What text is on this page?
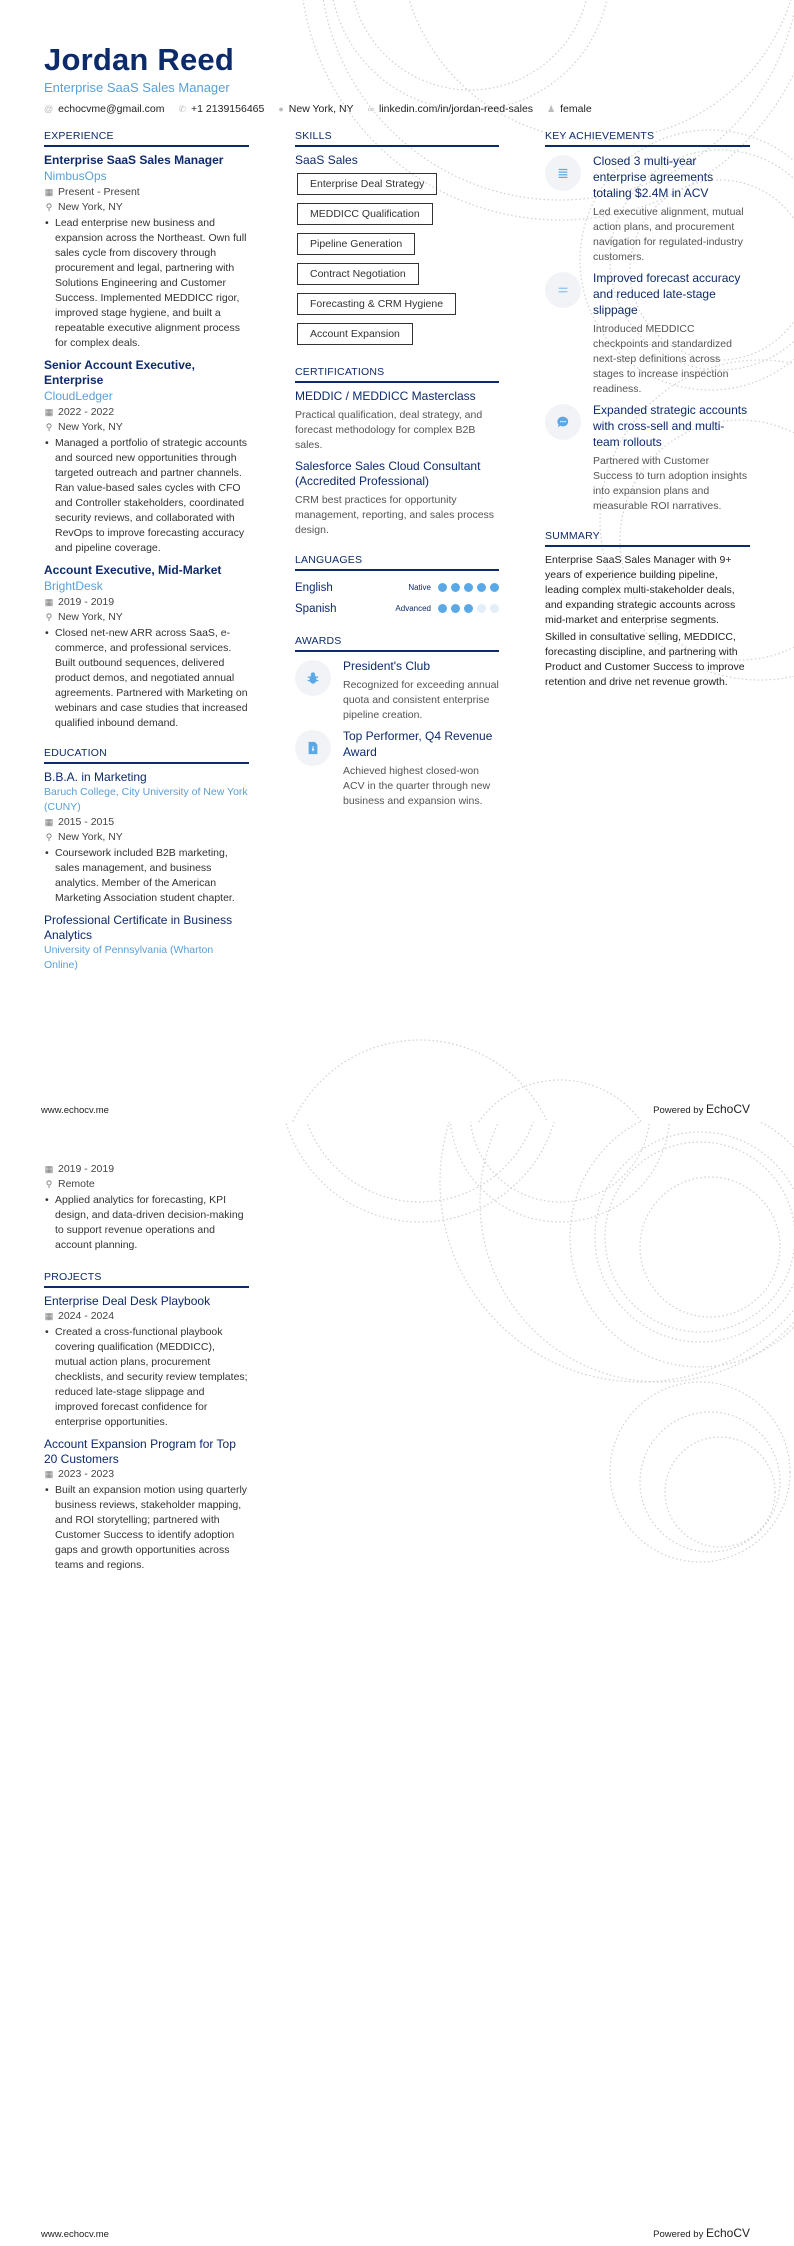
Jordan Reed
Enterprise SaaS Sales Manager
@ echocvme@gmail.com ✆ +1 2139156465 ● New York, NY ∞ linkedin.com/in/jordan-reed-sales ♟ female
EXPERIENCE
Enterprise SaaS Sales Manager
NimbusOps
▦ Present - Present
⚲ New York, NY
• Lead enterprise new business and expansion across the Northeast. Own full sales cycle from discovery through procurement and legal, partnering with Solutions Engineering and Customer Success. Implemented MEDDICC rigor, improved stage hygiene, and built a repeatable executive alignment process for complex deals.
Senior Account Executive, Enterprise
CloudLedger
▦ 2022 - 2022
⚲ New York, NY
• Managed a portfolio of strategic accounts and sourced new opportunities through targeted outreach and partner channels. Ran value-based sales cycles with CFO and Controller stakeholders, coordinated security reviews, and collaborated with RevOps to improve forecasting accuracy and pipeline coverage.
Account Executive, Mid-Market
BrightDesk
▦ 2019 - 2019
⚲ New York, NY
• Closed net-new ARR across SaaS, e-commerce, and professional services. Built outbound sequences, delivered product demos, and negotiated annual agreements. Partnered with Marketing on webinars and case studies that increased qualified inbound demand.
EDUCATION
B.B.A. in Marketing
Baruch College, City University of New York (CUNY)
▦ 2015 - 2015
⚲ New York, NY
• Coursework included B2B marketing, sales management, and business analytics. Member of the American Marketing Association student chapter.
Professional Certificate in Business Analytics
University of Pennsylvania (Wharton Online)
SKILLS
SaaS Sales
Enterprise Deal Strategy
MEDDICC Qualification
Pipeline Generation
Contract Negotiation
Forecasting & CRM Hygiene
Account Expansion
CERTIFICATIONS
MEDDIC / MEDDICC Masterclass
Practical qualification, deal strategy, and forecast methodology for complex B2B sales.
Salesforce Sales Cloud Consultant (Accredited Professional)
CRM best practices for opportunity management, reporting, and sales process design.
LANGUAGES
English	Native
Spanish	Advanced
AWARDS
President's Club
Recognized for exceeding annual quota and consistent enterprise pipeline creation.
Top Performer, Q4 Revenue Award
Achieved highest closed-won ACV in the quarter through new business and expansion wins.
KEY ACHIEVEMENTS
Closed 3 multi-year enterprise agreements totaling $2.4M in ACV
Led executive alignment, mutual action plans, and procurement navigation for regulated-industry customers.
Improved forecast accuracy and reduced late-stage slippage
Introduced MEDDICC checkpoints and standardized next-step definitions across stages to increase inspection readiness.
Expanded strategic accounts with cross-sell and multi-team rollouts
Partnered with Customer Success to turn adoption insights into expansion plans and measurable ROI narratives.
SUMMARY

Enterprise SaaS Sales Manager with 9+ years of experience building pipeline, leading complex multi-stakeholder deals, and expanding strategic accounts across mid-market and enterprise segments.

Skilled in consultative selling, MEDDICC, forecasting discipline, and partnering with Product and Customer Success to improve retention and drive net revenue growth.

www.echocv.me	Powered by EchoCV
▦ 2019 - 2019
⚲ Remote
• Applied analytics for forecasting, KPI design, and data-driven decision-making to support revenue operations and account planning.
PROJECTS
Enterprise Deal Desk Playbook
▦ 2024 - 2024
• Created a cross-functional playbook covering qualification (MEDDICC), mutual action plans, procurement checklists, and security review templates; reduced late-stage slippage and improved forecast confidence for enterprise opportunities.
Account Expansion Program for Top 20 Customers
▦ 2023 - 2023
• Built an expansion motion using quarterly business reviews, stakeholder mapping, and ROI storytelling; partnered with Customer Success to identify adoption gaps and growth opportunities across teams and regions.
www.echocv.me	Powered by EchoCV
